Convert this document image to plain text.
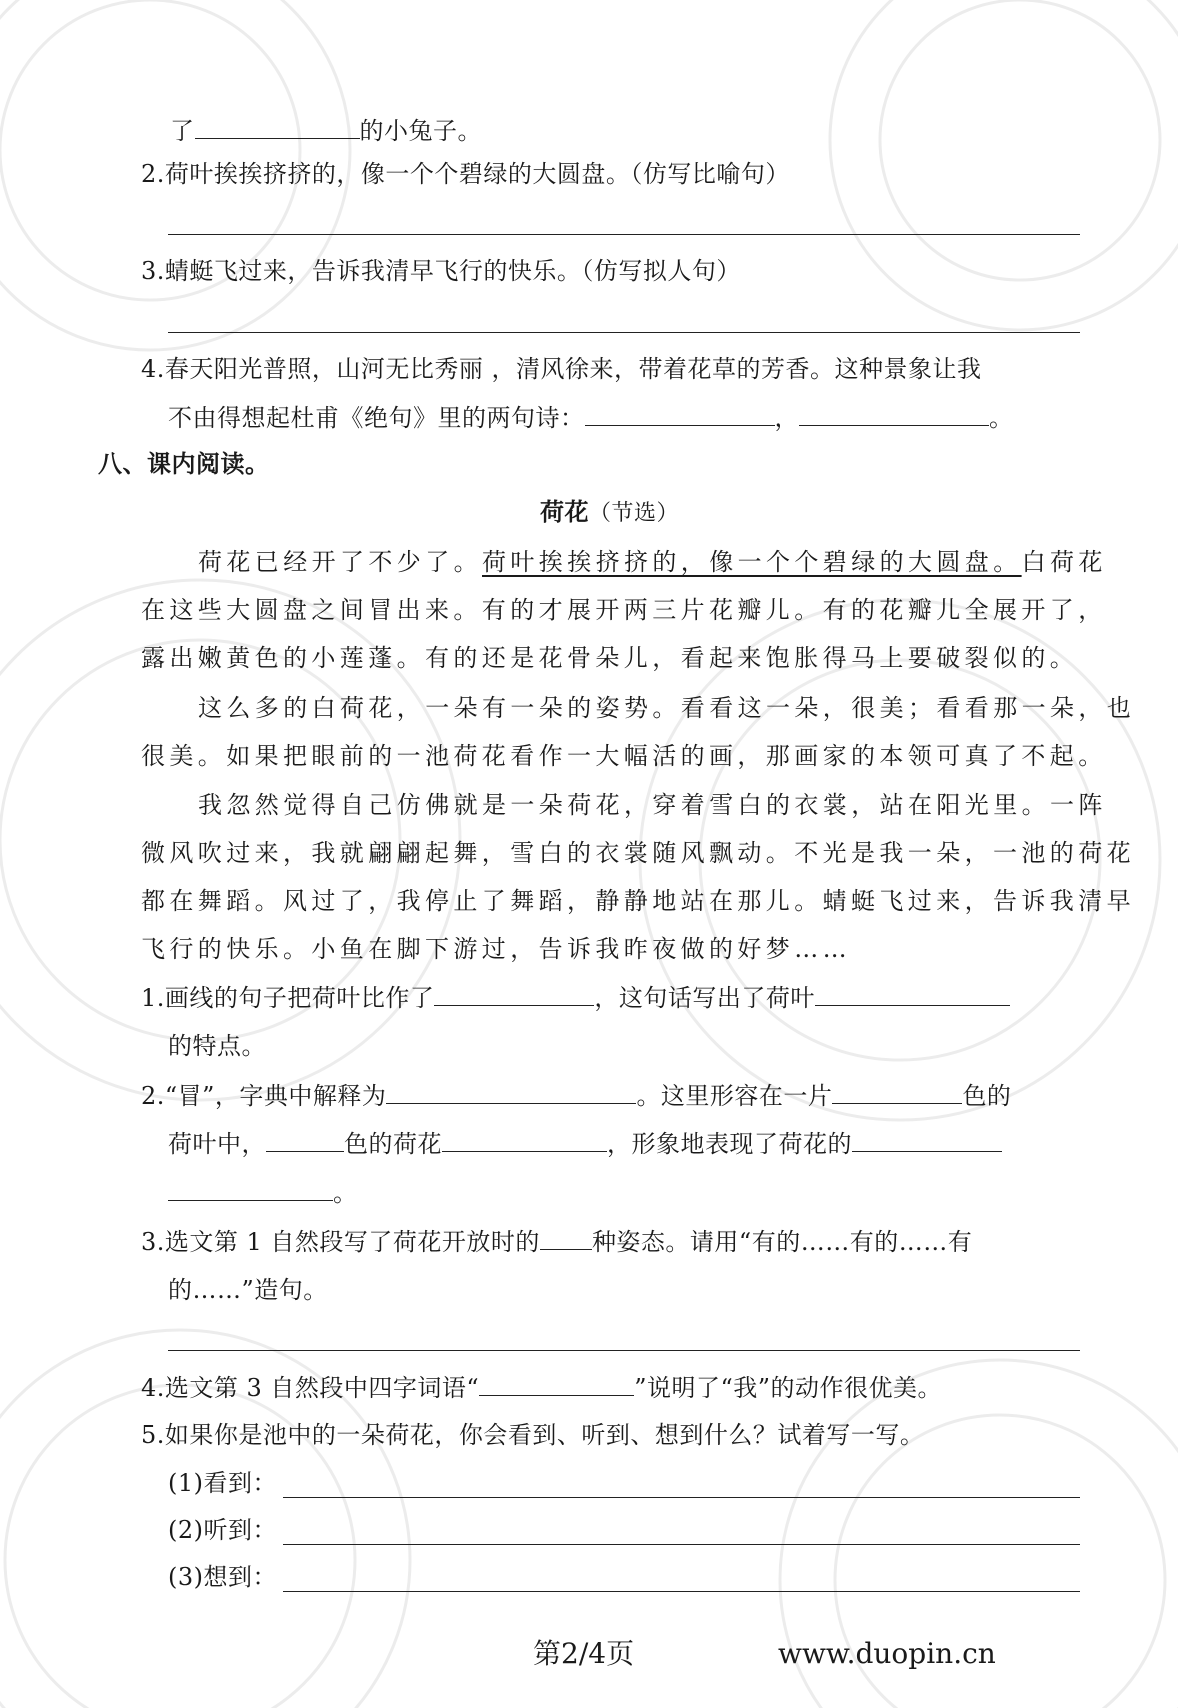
了	的小兔子。
2.荷叶挨挨挤挤的，像一个个碧绿的大圆盘。（仿写比喻句）
3.蜻蜓飞过来，告诉我清早飞行的快乐。（仿写拟人句）
4.春天阳光普照，山河无比秀丽 ，清风徐来，带着花草的芳香。这种景象让我
不由得想起杜甫《绝句》里的两句诗：	，	。
八、课内阅读。
荷花（节选）
荷花已经开了不少了。荷叶挨挨挤挤的，像一个个碧绿的大圆盘。白荷花
在这些大圆盘之间冒出来。有的才展开两三片花瓣儿。有的花瓣儿全展开了，
露出嫩黄色的小莲蓬。有的还是花骨朵儿，看起来饱胀得马上要破裂似的。
这么多的白荷花，一朵有一朵的姿势。看看这一朵，很美；看看那一朵，也
很美。如果把眼前的一池荷花看作一大幅活的画，那画家的本领可真了不起。
我忽然觉得自己仿佛就是一朵荷花，穿着雪白的衣裳，站在阳光里。一阵
微风吹过来，我就翩翩起舞，雪白的衣裳随风飘动。不光是我一朵，一池的荷花
都在舞蹈。风过了，我停止了舞蹈，静静地站在那儿。蜻蜓飞过来，告诉我清早
飞行的快乐。小鱼在脚下游过，告诉我昨夜做的好梦……
1.画线的句子把荷叶比作了	，这句话写出了荷叶
的特点。
2.“冒”，字典中解释为	。这里形容在一片	色的
荷叶中，	色的荷花	，形象地表现了荷花的
。
3.选文第 1 自然段写了荷花开放时的 种姿态。请用“有的……有的……有
的……”造句。
4.选文第 3 自然段中四字词语“	”说明了“我”的动作很优美。
5.如果你是池中的一朵荷花，你会看到、听到、想到什么？试着写一写。
(1)看到：
(2)听到：
(3)想到：
第2/4页	www.duopin.cn
